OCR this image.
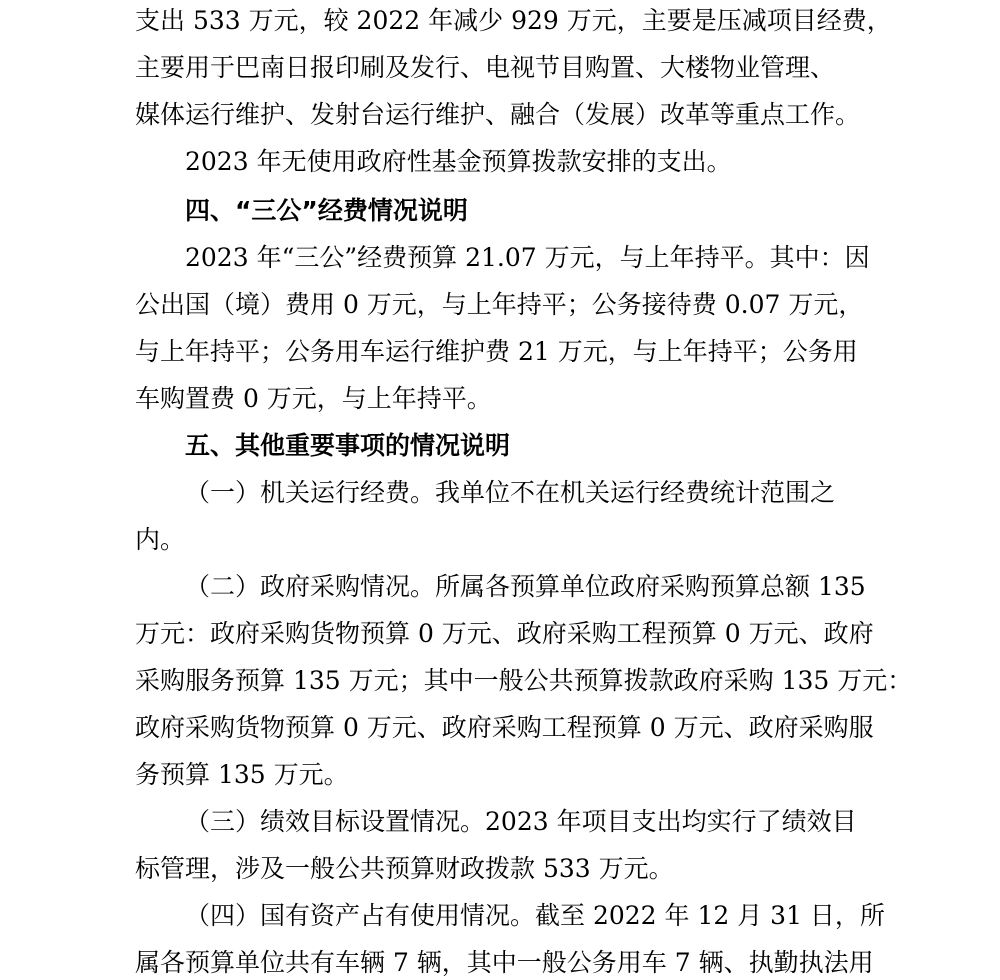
支出 533 万元，较 2022 年减少 929 万元，主要是压减项目经费，
主要用于巴南日报印刷及发行、电视节目购置、大楼物业管理、
媒体运行维护、发射台运行维护、融合（发展）改革等重点工作。
2023 年无使用政府性基金预算拨款安排的支出。
四、“三公”经费情况说明
2023 年“三公”经费预算 21.07 万元，与上年持平。其中：因
公出国（境）费用 0 万元，与上年持平；公务接待费 0.07 万元，
与上年持平；公务用车运行维护费 21 万元，与上年持平；公务用
车购置费 0 万元，与上年持平。
五、其他重要事项的情况说明
（一）机关运行经费。我单位不在机关运行经费统计范围之
内。
（二）政府采购情况。所属各预算单位政府采购预算总额 135
万元：政府采购货物预算 0 万元、政府采购工程预算 0 万元、政府
采购服务预算 135 万元；其中一般公共预算拨款政府采购 135 万元：
政府采购货物预算 0 万元、政府采购工程预算 0 万元、政府采购服
务预算 135 万元。
（三）绩效目标设置情况。2023 年项目支出均实行了绩效目
标管理，涉及一般公共预算财政拨款 533 万元。
（四）国有资产占有使用情况。截至 2022 年 12 月 31 日，所
属各预算单位共有车辆 7 辆，其中一般公务用车 7 辆、执勤执法用
